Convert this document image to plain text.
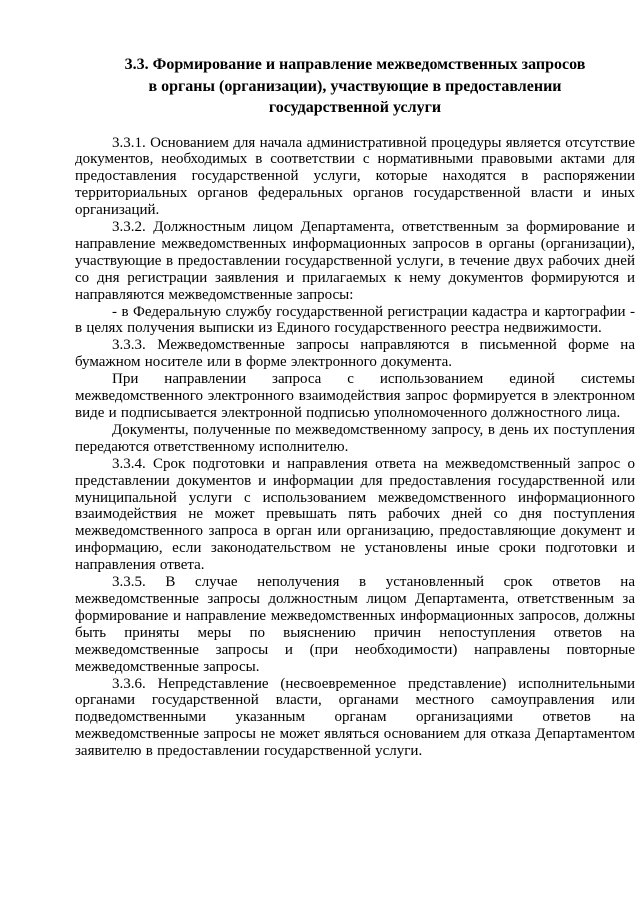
3.3. Формирование и направление межведомственных запросов
в органы (организации), участвующие в предоставлении
государственной услуги

3.3.1. Основанием для начала административной процедуры является отсутствие документов, необходимых в соответствии с нормативными правовыми актами для предоставления государственной услуги, которые находятся в распоряжении территориальных органов федеральных органов государственной власти и иных организаций.

3.3.2. Должностным лицом Департамента, ответственным за формирование и направление межведомственных информационных запросов в органы (организации), участвующие в предоставлении государственной услуги, в течение двух рабочих дней со дня регистрации заявления и прилагаемых к нему документов формируются и направляются межведомственные запросы:

- в Федеральную службу государственной регистрации кадастра и картографии - в целях получения выписки из Единого государственного реестра недвижимости.

3.3.3. Межведомственные запросы направляются в письменной форме на бумажном носителе или в форме электронного документа.

При направлении запроса с использованием единой системы межведомственного электронного взаимодействия запрос формируется в электронном виде и подписывается электронной подписью уполномоченного должностного лица.

Документы, полученные по межведомственному запросу, в день их поступления передаются ответственному исполнителю.

3.3.4. Срок подготовки и направления ответа на межведомственный запрос о представлении документов и информации для предоставления государственной или муниципальной услуги с использованием межведомственного информационного взаимодействия не может превышать пять рабочих дней со дня поступления межведомственного запроса в орган или организацию, предоставляющие документ и информацию, если законодательством не установлены иные сроки подготовки и направления ответа.

3.3.5. В случае неполучения в установленный срок ответов на межведомственные запросы должностным лицом Департамента, ответственным за формирование и направление межведомственных информационных запросов, должны быть приняты меры по выяснению причин непоступления ответов на межведомственные запросы и (при необходимости) направлены повторные межведомственные запросы.

3.3.6. Непредставление (несвоевременное представление) исполнительными органами государственной власти, органами местного самоуправления или подведомственными указанным органам организациями ответов на межведомственные запросы не может являться основанием для отказа Департаментом заявителю в предоставлении государственной услуги.
